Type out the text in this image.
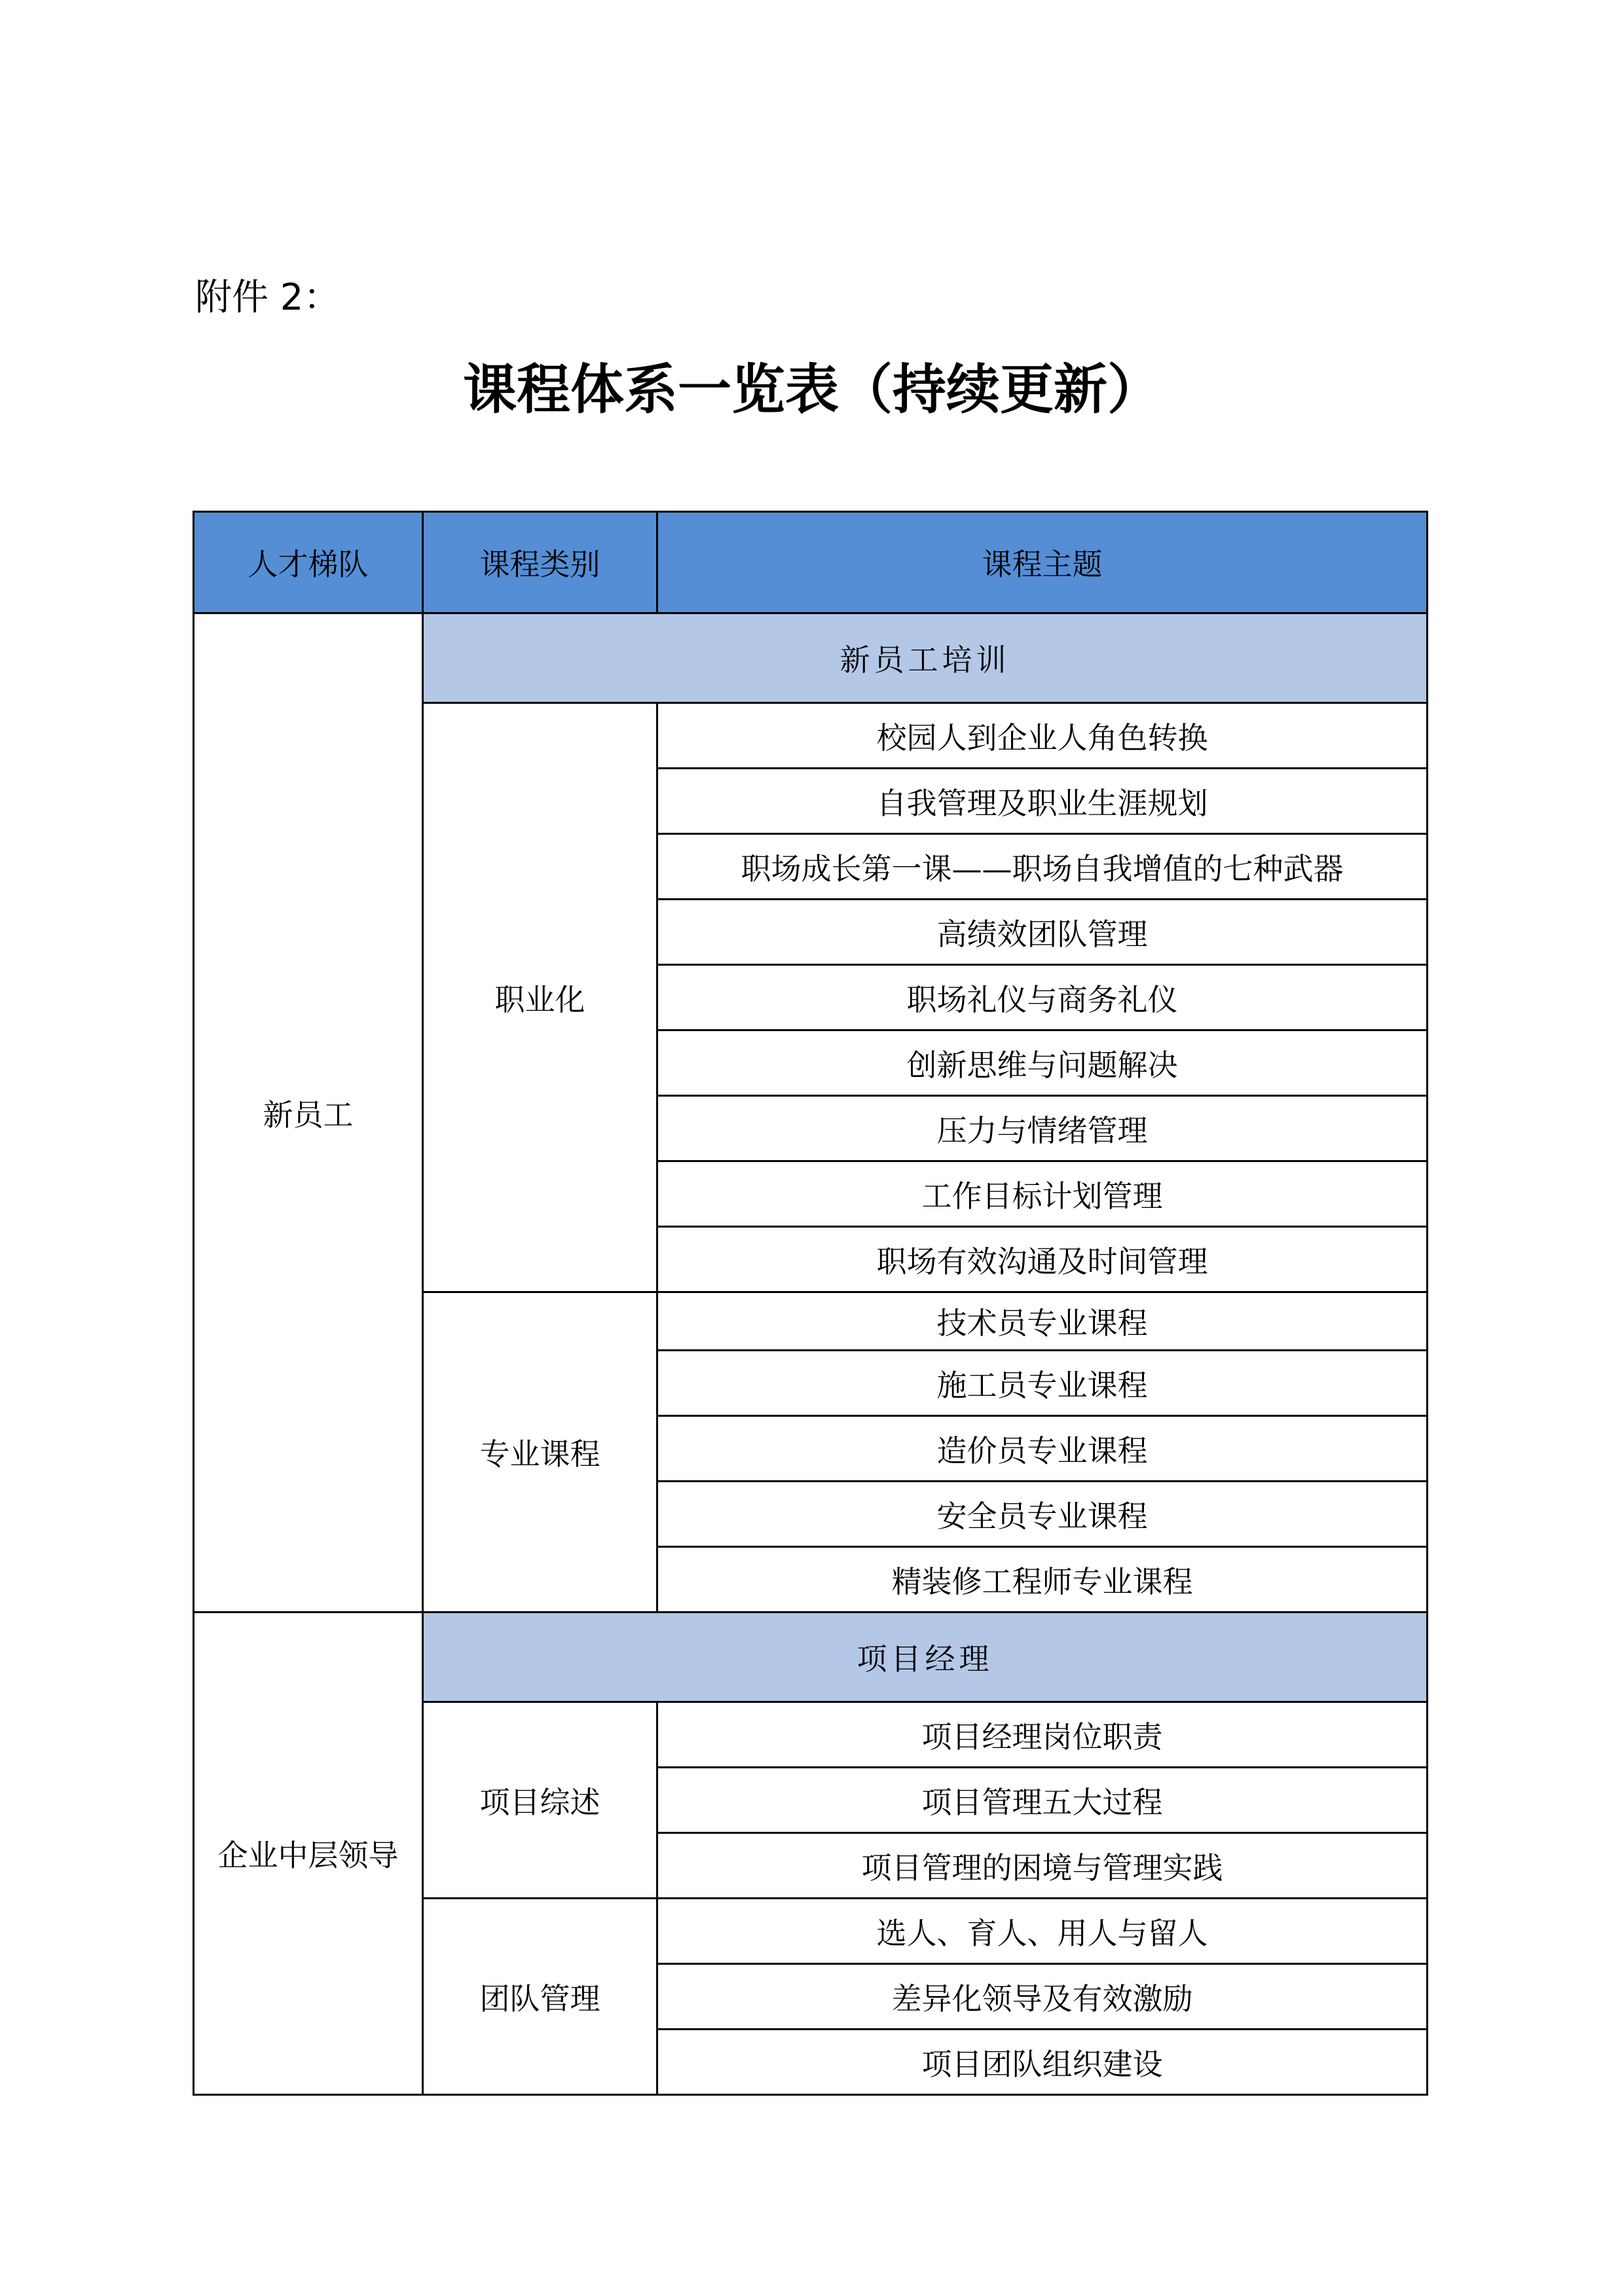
附件 2：
课程体系一览表（持续更新）
人才梯队	课程类别	课程主题
新员工	新员工培训	
	职业化	校园人到企业人角色转换
		自我管理及职业生涯规划
		职场成长第一课——职场自我增值的七种武器
		高绩效团队管理
		职场礼仪与商务礼仪
		创新思维与问题解决
		压力与情绪管理
		工作目标计划管理
		职场有效沟通及时间管理
	专业课程	技术员专业课程
		施工员专业课程
		造价员专业课程
		安全员专业课程
		精装修工程师专业课程
企业中层领导	项目经理	
	项目综述	项目经理岗位职责
		项目管理五大过程
		项目管理的困境与管理实践
	团队管理	选人、育人、用人与留人
		差异化领导及有效激励
		项目团队组织建设
